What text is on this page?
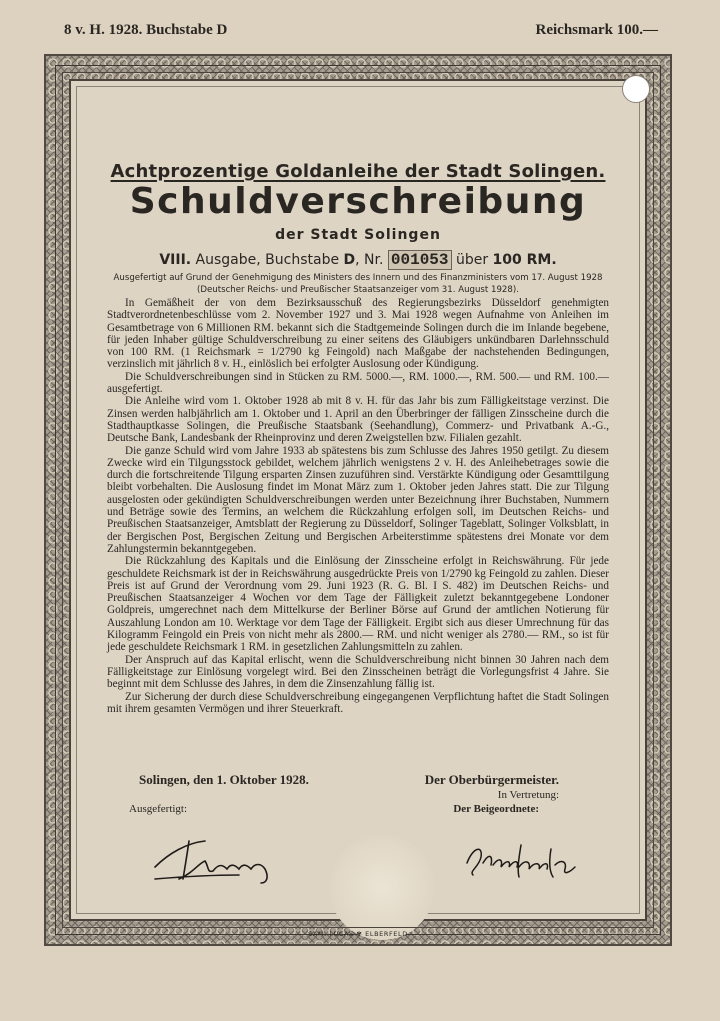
8 v. H. 1928. Buchstabe D	Reichsmark 100.—
Achtprozentige Goldanleihe der Stadt Solingen.
Schuldverschreibung
der Stadt Solingen
VIII. Ausgabe, Buchstabe D, Nr. 001053 über 100 RM.
Ausgefertigt auf Grund der Genehmigung des Ministers des Innern und des Finanzministers vom 17. August 1928 (Deutscher Reichs- und Preußischer Staatsanzeiger vom 31. August 1928).

In Gemäßheit der von dem Bezirksausschuß des Regierungsbezirks Düsseldorf genehmigten Stadtverordnetenbeschlüsse vom 2. November 1927 und 3. Mai 1928 wegen Aufnahme von Anleihen im Gesamtbetrage von 6 Millionen RM. bekannt sich die Stadtgemeinde Solingen durch die im Inlande begebene, für jeden Inhaber gültige Schuldverschreibung zu einer seitens des Gläubigers unkündbaren Darlehnsschuld von 100 RM. (1 Reichsmark = 1/2790 kg Feingold) nach Maßgabe der nachstehenden Bedingungen, verzinslich mit jährlich 8 v. H., einlöslich bei erfolgter Auslosung oder Kündigung.

Die Schuldverschreibungen sind in Stücken zu RM. 5000.—, RM. 1000.—, RM. 500.— und RM. 100.— ausgefertigt.

Die Anleihe wird vom 1. Oktober 1928 ab mit 8 v. H. für das Jahr bis zum Fälligkeitstage verzinst. Die Zinsen werden halbjährlich am 1. Oktober und 1. April an den Überbringer der fälligen Zinsscheine durch die Stadthauptkasse Solingen, die Preußische Staatsbank (Seehandlung), Commerz- und Privatbank A.-G., Deutsche Bank, Landesbank der Rheinprovinz und deren Zweigstellen bzw. Filialen gezahlt.

Die ganze Schuld wird vom Jahre 1933 ab spätestens bis zum Schlusse des Jahres 1950 getilgt. Zu diesem Zwecke wird ein Tilgungsstock gebildet, welchem jährlich wenigstens 2 v. H. des Anleihebetrages sowie die durch die fortschreitende Tilgung ersparten Zinsen zuzuführen sind. Verstärkte Kündigung oder Gesamttilgung bleibt vorbehalten. Die Auslosung findet im Monat März zum 1. Oktober jeden Jahres statt. Die zur Tilgung ausgelosten oder gekündigten Schuldverschreibungen werden unter Bezeichnung ihrer Buchstaben, Nummern und Beträge sowie des Termins, an welchem die Rückzahlung erfolgen soll, im Deutschen Reichs- und Preußischen Staatsanzeiger, Amtsblatt der Regierung zu Düsseldorf, Solinger Tageblatt, Solinger Volksblatt, in der Bergischen Post, Bergischen Zeitung und Bergischen Arbeiterstimme spätestens drei Monate vor dem Zahlungstermin bekanntgegeben.

Die Rückzahlung des Kapitals und die Einlösung der Zinsscheine erfolgt in Reichswährung. Für jede geschuldete Reichsmark ist der in Reichswährung ausgedrückte Preis von 1/2790 kg Feingold zu zahlen. Dieser Preis ist auf Grund der Verordnung vom 29. Juni 1923 (R. G. Bl. I S. 482) im Deutschen Reichs- und Preußischen Staatsanzeiger 4 Wochen vor dem Tage der Fälligkeit zuletzt bekanntgegebene Londoner Goldpreis, umgerechnet nach dem Mittelkurse der Berliner Börse auf Grund der amtlichen Notierung für Auszahlung London am 10. Werktage vor dem Tage der Fälligkeit. Ergibt sich aus dieser Umrechnung für das Kilogramm Feingold ein Preis von nicht mehr als 2800.— RM. und nicht weniger als 2780.— RM., so ist für jede geschuldete Reichsmark 1 RM. in gesetzlichen Zahlungsmitteln zu zahlen.

Der Anspruch auf das Kapital erlischt, wenn die Schuldverschreibung nicht binnen 30 Jahren nach dem Fälligkeitstage zur Einlösung vorgelegt wird. Bei den Zinsscheinen beträgt die Vorlegungsfrist 4 Jahre. Sie beginnt mit dem Schlusse des Jahres, in dem die Zinsenzahlung fällig ist.

Zur Sicherung der durch diese Schuldverschreibung eingegangenen Verpflichtung haftet die Stadt Solingen mit ihrem gesamten Vermögen und ihrer Steuerkraft.

Solingen, den 1. Oktober 1928.	Der Oberbürgermeister.
In Vertretung:
Ausgefertigt:	Der Beigeordnete:
SAM. LUCAS ✾ ELBERFELD
